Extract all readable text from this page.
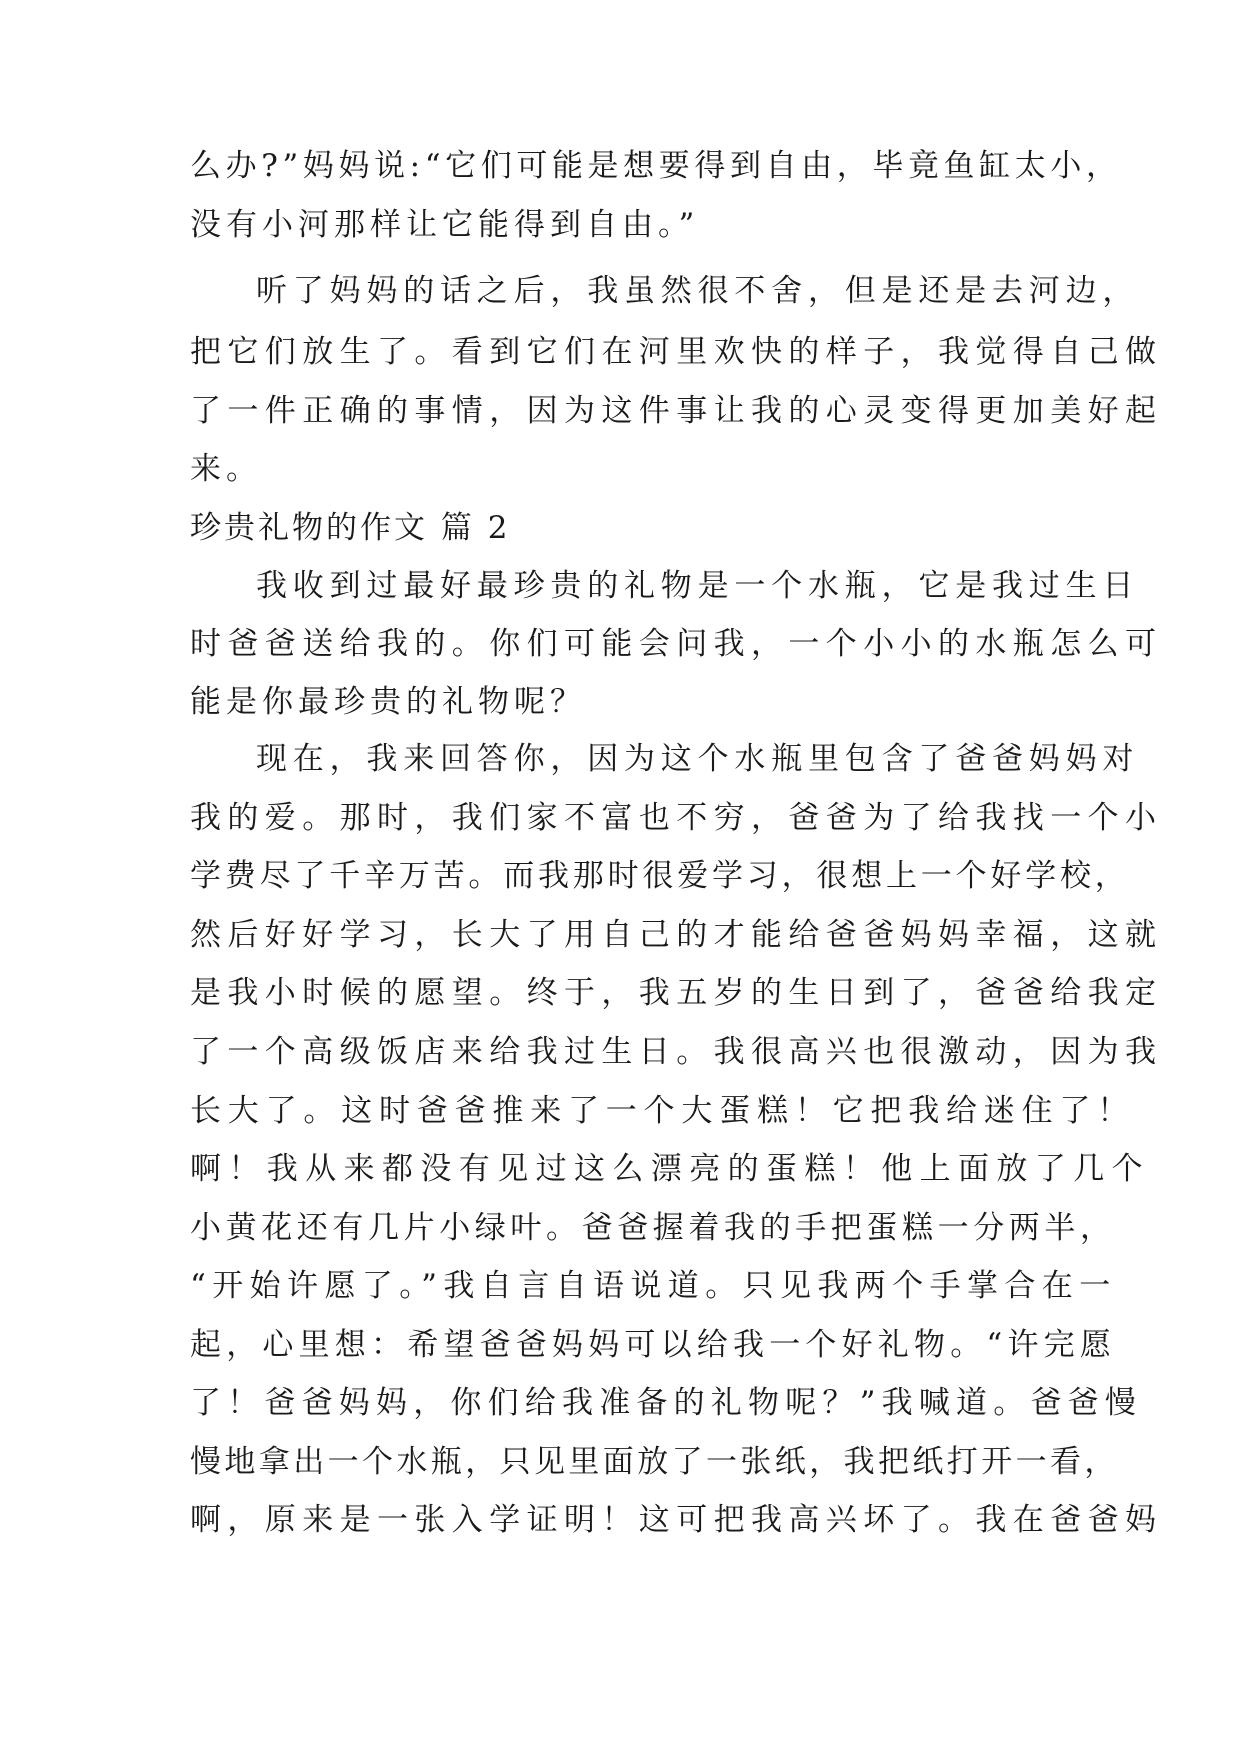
么办?”妈妈说:“它们可能是想要得到自由，毕竟鱼缸太小，
没有小河那样让它能得到自由。”
听了妈妈的话之后，我虽然很不舍，但是还是去河边，
把它们放生了。看到它们在河里欢快的样子，我觉得自己做
了一件正确的事情，因为这件事让我的心灵变得更加美好起
来。
珍贵礼物的作文 篇 2
我收到过最好最珍贵的礼物是一个水瓶，它是我过生日
时爸爸送给我的。你们可能会问我，一个小小的水瓶怎么可
能是你最珍贵的礼物呢？
现在，我来回答你，因为这个水瓶里包含了爸爸妈妈对
我的爱。那时，我们家不富也不穷，爸爸为了给我找一个小
学费尽了千辛万苦。而我那时很爱学习，很想上一个好学校，
然后好好学习，长大了用自己的才能给爸爸妈妈幸福，这就
是我小时候的愿望。终于，我五岁的生日到了，爸爸给我定
了一个高级饭店来给我过生日。我很高兴也很激动，因为我
长大了。这时爸爸推来了一个大蛋糕！它把我给迷住了！
啊！我从来都没有见过这么漂亮的蛋糕！他上面放了几个
小黄花还有几片小绿叶。爸爸握着我的手把蛋糕一分两半，
“开始许愿了。”我自言自语说道。只见我两个手掌合在一
起，心里想：希望爸爸妈妈可以给我一个好礼物。“许完愿
了！爸爸妈妈，你们给我准备的礼物呢？”我喊道。爸爸慢
慢地拿出一个水瓶，只见里面放了一张纸，我把纸打开一看，
啊，原来是一张入学证明！这可把我高兴坏了。我在爸爸妈
